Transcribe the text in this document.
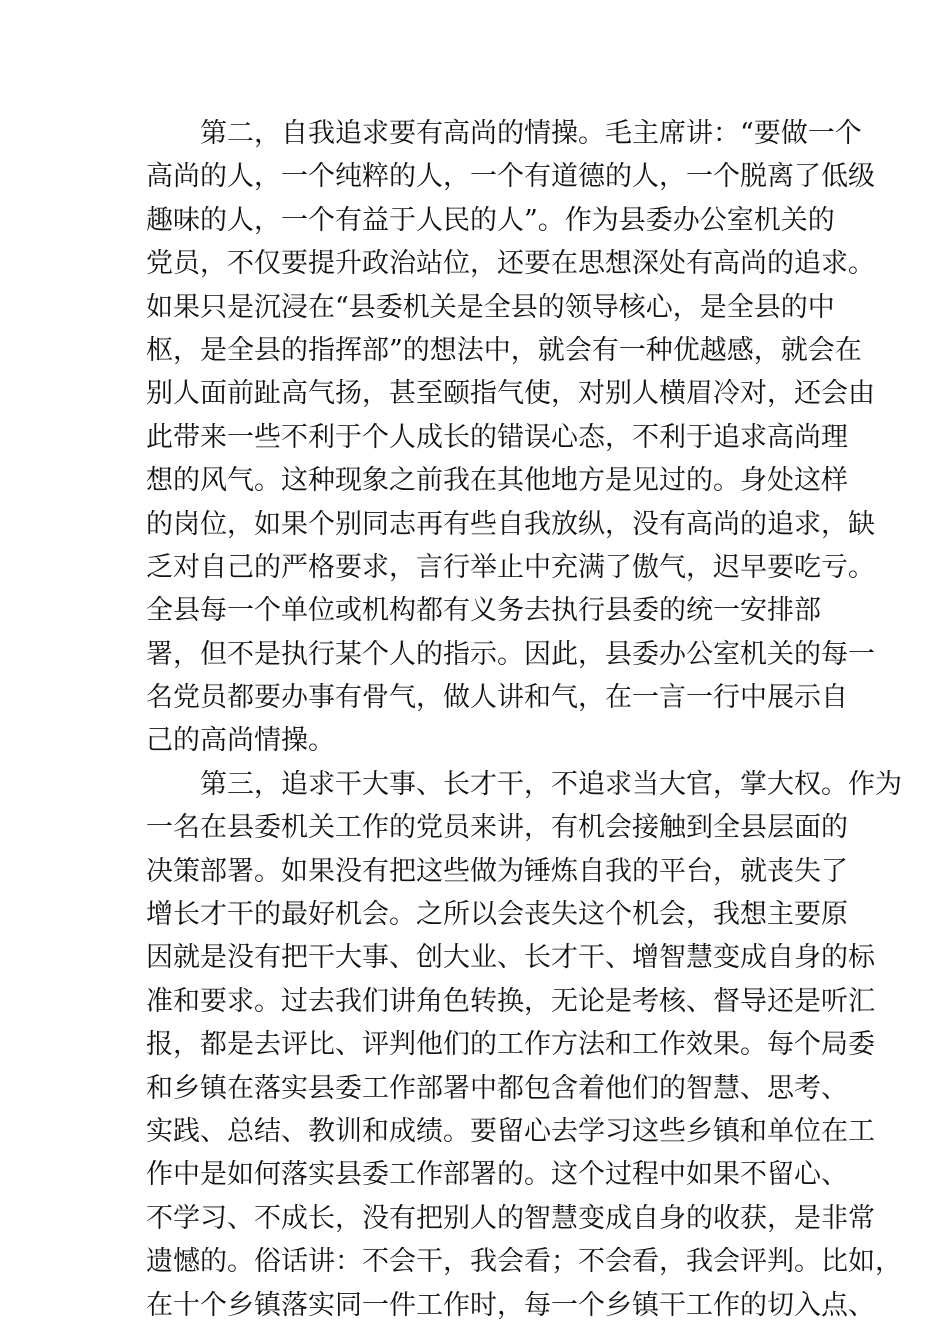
第二，自我追求要有高尚的情操。毛主席讲：“要做一个
高尚的人，一个纯粹的人，一个有道德的人，一个脱离了低级
趣味的人，一个有益于人民的人”。作为县委办公室机关的
党员，不仅要提升政治站位，还要在思想深处有高尚的追求。
如果只是沉浸在“县委机关是全县的领导核心，是全县的中
枢，是全县的指挥部”的想法中，就会有一种优越感，就会在
别人面前趾高气扬，甚至颐指气使，对别人横眉冷对，还会由
此带来一些不利于个人成长的错误心态，不利于追求高尚理
想的风气。这种现象之前我在其他地方是见过的。身处这样
的岗位，如果个别同志再有些自我放纵，没有高尚的追求，缺
乏对自己的严格要求，言行举止中充满了傲气，迟早要吃亏。
全县每一个单位或机构都有义务去执行县委的统一安排部
署，但不是执行某个人的指示。因此，县委办公室机关的每一
名党员都要办事有骨气，做人讲和气，在一言一行中展示自
己的高尚情操。
第三，追求干大事、长才干，不追求当大官，掌大权。作为
一名在县委机关工作的党员来讲，有机会接触到全县层面的
决策部署。如果没有把这些做为锤炼自我的平台，就丧失了
增长才干的最好机会。之所以会丧失这个机会，我想主要原
因就是没有把干大事、创大业、长才干、增智慧变成自身的标
准和要求。过去我们讲角色转换，无论是考核、督导还是听汇
报，都是去评比、评判他们的工作方法和工作效果。每个局委
和乡镇在落实县委工作部署中都包含着他们的智慧、思考、
实践、总结、教训和成绩。要留心去学习这些乡镇和单位在工
作中是如何落实县委工作部署的。这个过程中如果不留心、
不学习、不成长，没有把别人的智慧变成自身的收获，是非常
遗憾的。俗话讲：不会干，我会看；不会看，我会评判。比如，
在十个乡镇落实同一件工作时，每一个乡镇干工作的切入点、
